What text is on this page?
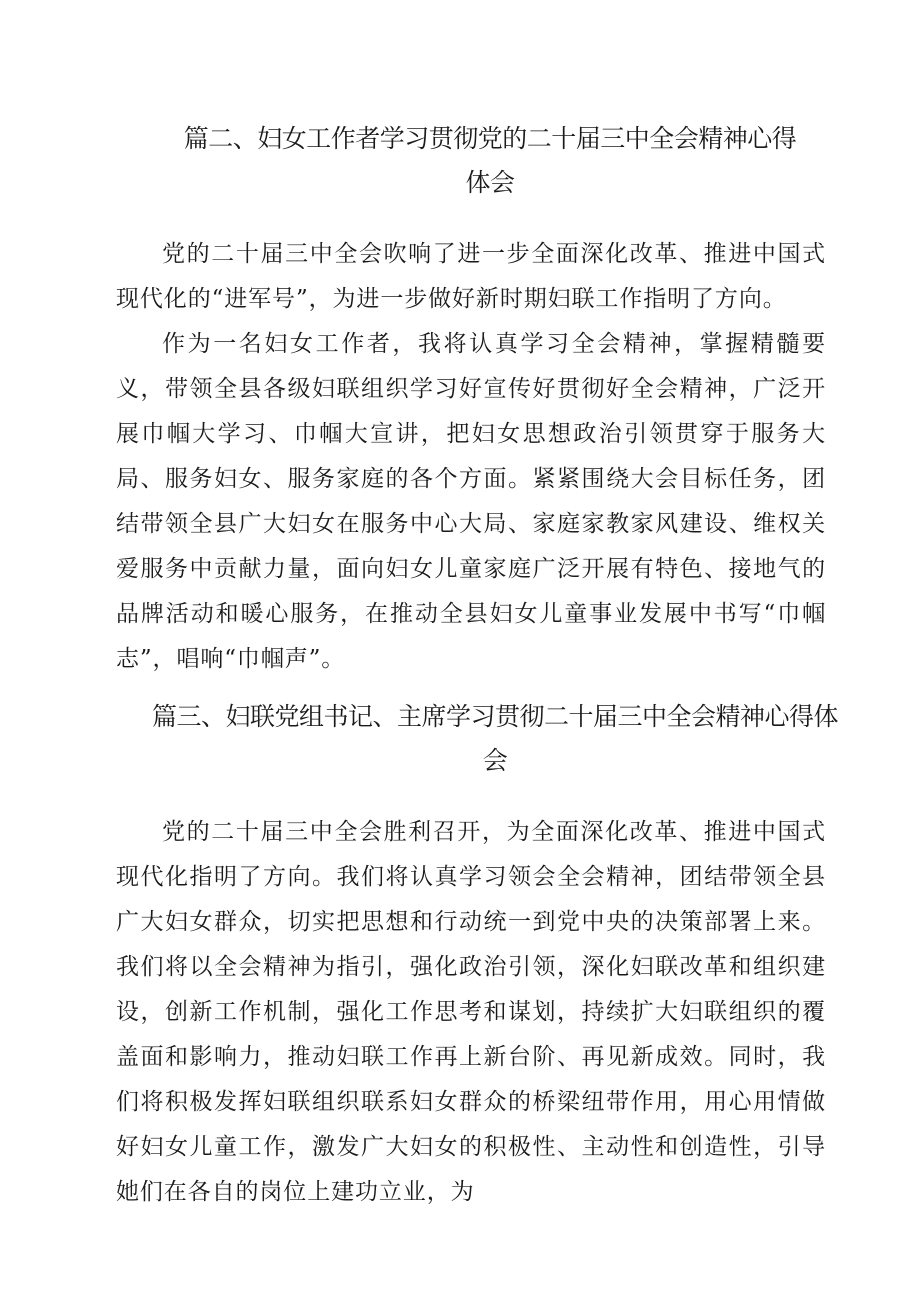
篇二、妇女工作者学习贯彻党的二十届三中全会精神心得
体会

党的二十届三中全会吹响了进一步全面深化改革、推进中国式现代化的“进军号”，为进一步做好新时期妇联工作指明了方向。

作为一名妇女工作者，我将认真学习全会精神，掌握精髓要义，带领全县各级妇联组织学习好宣传好贯彻好全会精神，广泛开展巾帼大学习、巾帼大宣讲，把妇女思想政治引领贯穿于服务大局、服务妇女、服务家庭的各个方面。紧紧围绕大会目标任务，团结带领全县广大妇女在服务中心大局、家庭家教家风建设、维权关爱服务中贡献力量，面向妇女儿童家庭广泛开展有特色、接地气的品牌活动和暖心服务，在推动全县妇女儿童事业发展中书写“巾帼志”，唱响“巾帼声”。

篇三、妇联党组书记、主席学习贯彻二十届三中全会精神心得体
会

党的二十届三中全会胜利召开，为全面深化改革、推进中国式现代化指明了方向。我们将认真学习领会全会精神，团结带领全县广大妇女群众，切实把思想和行动统一到党中央的决策部署上来。我们将以全会精神为指引，强化政治引领，深化妇联改革和组织建设，创新工作机制，强化工作思考和谋划，持续扩大妇联组织的覆盖面和影响力，推动妇联工作再上新台阶、再见新成效。同时，我们将积极发挥妇联组织联系妇女群众的桥梁纽带作用，用心用情做好妇女儿童工作，激发广大妇女的积极性、主动性和创造性，引导她们在各自的岗位上建功立业，为
